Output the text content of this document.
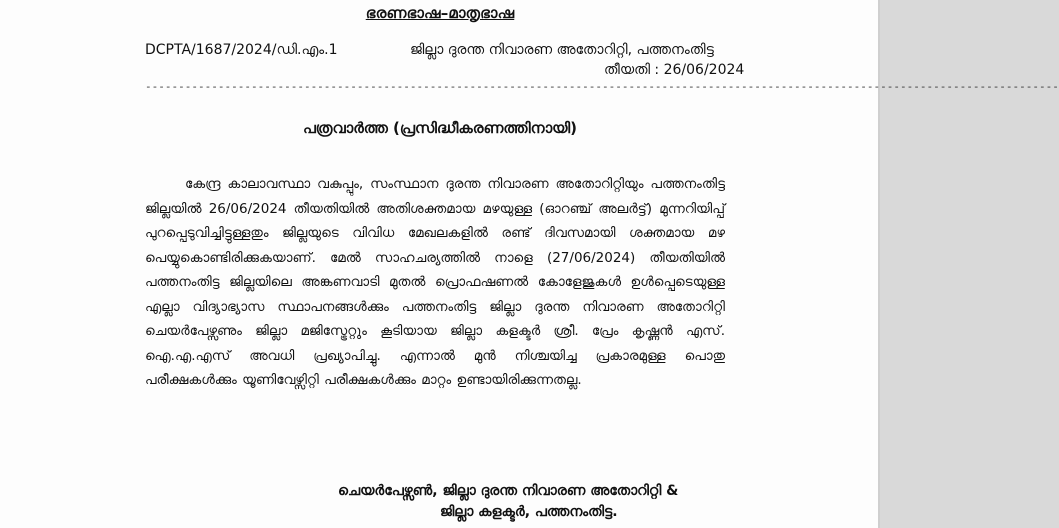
ഭരണഭാഷ–മാതൃഭാഷ
DCPTA/1687/2024/ഡി.എം.1	ജില്ലാ ദുരന്ത നിവാരണ അതോറിറ്റി, പത്തനംതിട്ട
തീയതി : 26/06/2024
------------------------------------------------------------------------------------------------------------------------------------------
പത്രവാർത്ത (പ്രസിദ്ധീകരണത്തിനായി)
കേന്ദ്ര കാലാവസ്ഥാ വകുപ്പും, സംസ്ഥാന ദുരന്ത നിവാരണ അതോറിറ്റിയും പത്തനംതിട്ട ജില്ലയിൽ 26/06/2024 തീയതിയിൽ അതിശക്തമായ മഴയുള്ള (ഓറഞ്ച് അലർട്ട്) മുന്നറിയിപ്പ് പുറപ്പെടുവിച്ചിട്ടുള്ളതും ജില്ലയുടെ വിവിധ മേഖലകളിൽ രണ്ട് ദിവസമായി ശക്തമായ മഴ പെയ്യുകൊണ്ടിരിക്കുകയാണ്. മേൽ സാഹചര്യത്തിൽ നാളെ (27/06/2024) തീയതിയിൽ പത്തനംതിട്ട ജില്ലയിലെ അങ്കണവാടി മുതൽ പ്രൊഫഷണൽ കോളേജുകൾ ഉൾപ്പെടെയുള്ള എല്ലാ വിദ്യാഭ്യാസ സ്ഥാപനങ്ങൾക്കും പത്തനംതിട്ട ജില്ലാ ദുരന്ത നിവാരണ അതോറിറ്റി ചെയർപേഴ്സണും ജില്ലാ മജിസ്ട്രേറ്റും കൂടിയായ ജില്ലാ കളക്ടർ ശ്രീ. പ്രേം കൃഷ്ണൻ എസ്. ഐ.എ.എസ് അവധി പ്രഖ്യാപിച്ചു. എന്നാൽ മുൻ നിശ്ചയിച്ച പ്രകാരമുള്ള പൊതു പരീക്ഷകൾക്കും യൂണിവേഴ്സിറ്റി പരീക്ഷകൾക്കും മാറ്റം ഉണ്ടായിരിക്കുന്നതല്ല.
ചെയർപേഴ്സൺ, ജില്ലാ ദുരന്ത നിവാരണ അതോറിറ്റി &
ജില്ലാ കളക്ടർ, പത്തനംതിട്ട.
